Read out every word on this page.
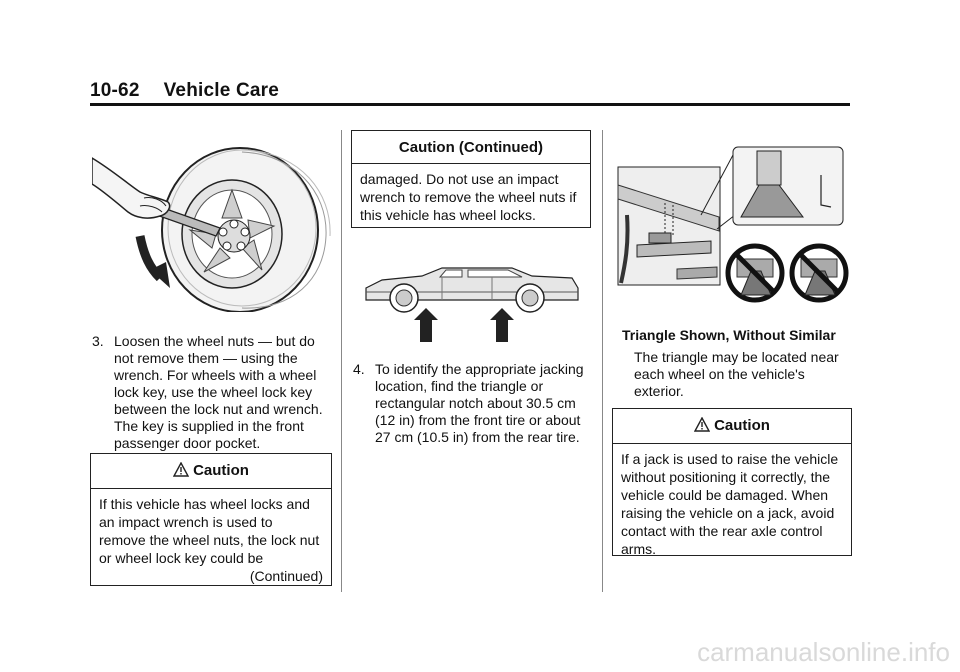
10-62 Vehicle Care
3. Loosen the wheel nuts — but do not remove them — using the wrench. For wheels with a wheel lock key, use the wheel lock key between the lock nut and wrench. The key is supplied in the front passenger door pocket.
Caution
If this vehicle has wheel locks and an impact wrench is used to remove the wheel nuts, the lock nut or wheel lock key could be
(Continued)
Caution (Continued)
damaged. Do not use an impact wrench to remove the wheel nuts if this vehicle has wheel locks.
4. To identify the appropriate jacking location, find the triangle or rectangular notch about 30.5 cm (12 in) from the front tire or about 27 cm (10.5 in) from the rear tire.
Triangle Shown, Without Similar
The triangle may be located near each wheel on the vehicle's exterior.
Caution
If a jack is used to raise the vehicle without positioning it correctly, the vehicle could be damaged. When raising the vehicle on a jack, avoid contact with the rear axle control arms.
carmanualsonline.info
